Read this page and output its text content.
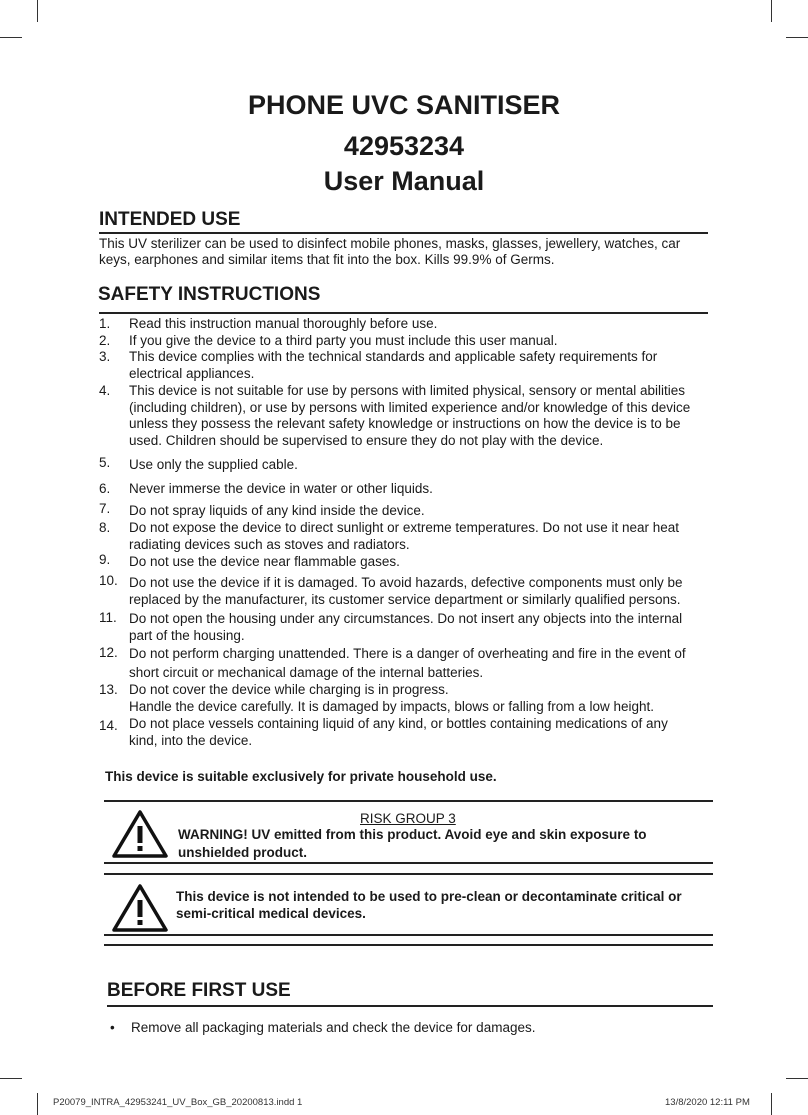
PHONE UVC SANITISER
42953234
User Manual
INTENDED USE
This UV sterilizer can be used to disinfect mobile phones, masks, glasses, jewellery, watches, car
keys, earphones and similar items that fit into the box. Kills 99.9% of Germs.
SAFETY INSTRUCTIONS
1. Read this instruction manual thoroughly before use.
2. If you give the device to a third party you must include this user manual.
3. This device complies with the technical standards and applicable safety requirements for
electrical appliances.
4. This device is not suitable for use by persons with limited physical, sensory or mental abilities
(including children), or use by persons with limited experience and/or knowledge of this device
unless they possess the relevant safety knowledge or instructions on how the device is to be
used. Children should be supervised to ensure they do not play with the device.
5. Use only the supplied cable.
6. Never immerse the device in water or other liquids.
7. Do not spray liquids of any kind inside the device.
8. Do not expose the device to direct sunlight or extreme temperatures. Do not use it near heat
radiating devices such as stoves and radiators.
9. Do not use the device near flammable gases.
10. Do not use the device if it is damaged. To avoid hazards, defective components must only be
replaced by the manufacturer, its customer service department or similarly qualified persons.
11. Do not open the housing under any circumstances. Do not insert any objects into the internal
part of the housing.
12. Do not perform charging unattended. There is a danger of overheating and fire in the event of
short circuit or mechanical damage of the internal batteries.
13. Do not cover the device while charging is in progress.
Handle the device carefully. It is damaged by impacts, blows or falling from a low height.
14. Do not place vessels containing liquid of any kind, or bottles containing medications of any
kind, into the device.
This device is suitable exclusively for private household use.
RISK GROUP 3
WARNING! UV emitted from this product. Avoid eye and skin exposure to
unshielded product.
This device is not intended to be used to pre-clean or decontaminate critical or
semi-critical medical devices.
BEFORE FIRST USE
• Remove all packaging materials and check the device for damages.
P20079_INTRA_42953241_UV_Box_GB_20200813.indd 1	13/8/2020 12:11 PM
